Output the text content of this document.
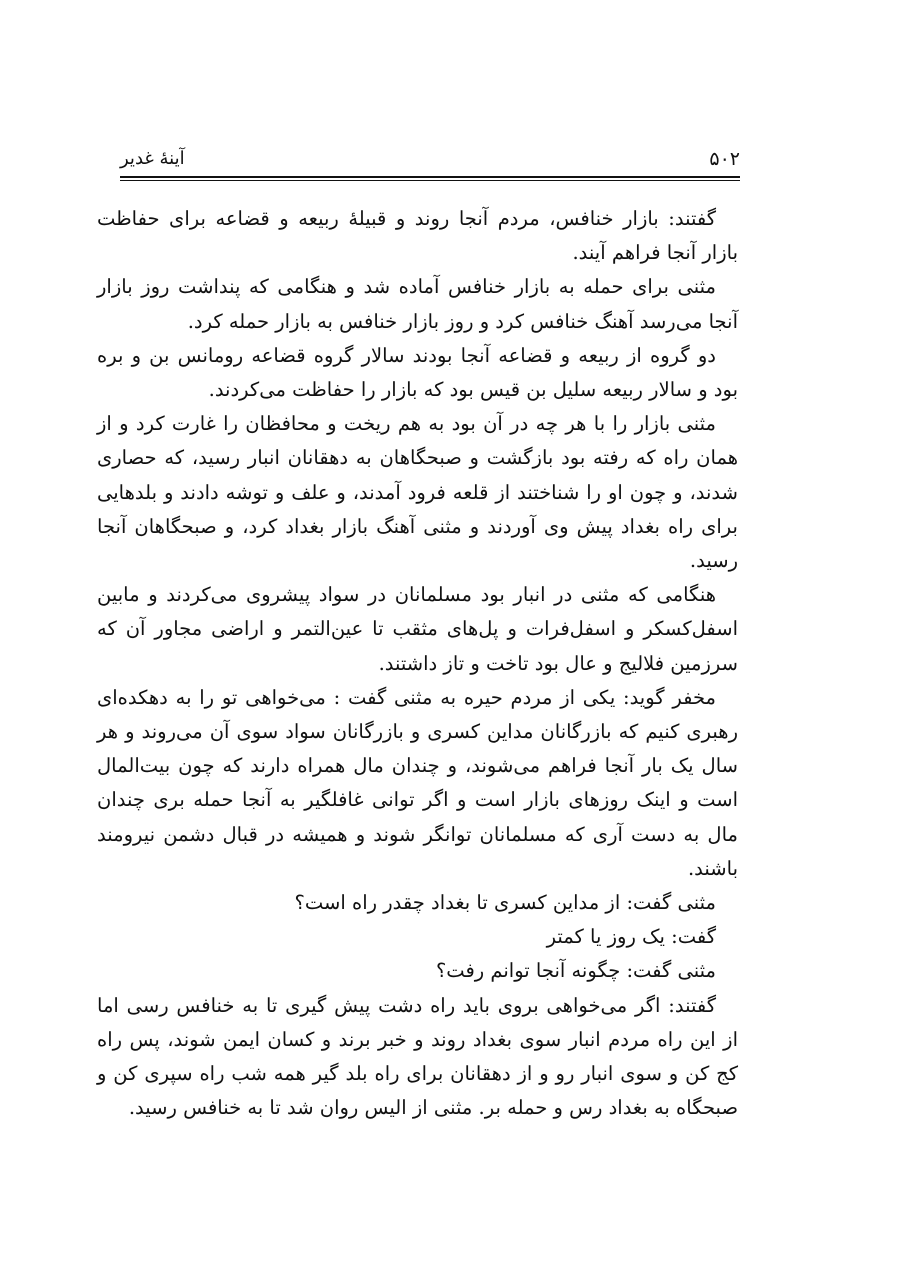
۵۰۲
آینۀ غدیر

گفتند: بازار خنافس، مردم آنجا روند و قبیلۀ ربیعه و قضاعه برای حفاظت بازار آنجا فراهم آیند.

مثنی برای حمله به بازار خنافس آماده شد و هنگامی که پنداشت روز بازار آنجا می‌رسد آهنگ خنافس کرد و روز بازار خنافس به بازار حمله کرد.

دو گروه از ربیعه و قضاعه آنجا بودند سالار گروه قضاعه رومانس بن و بره بود و سالار ربیعه سلیل بن قیس بود که بازار را حفاظت می‌کردند.

مثنی بازار را با هر چه در آن بود به هم ریخت و محافظان را غارت کرد و از همان راه که رفته بود بازگشت و صبحگاهان به دهقانان انبار رسید، که حصاری شدند، و چون او را شناختند از قلعه فرود آمدند، و علف و توشه دادند و بلدهایی برای راه بغداد پیش وی آوردند و مثنی آهنگ بازار بغداد کرد، و صبحگاهان آنجا رسید.

هنگامی که مثنی در انبار بود مسلمانان در سواد پیشروی می‌کردند و مابین اسفل‌کسکر و اسفل‌فرات و پل‌های مثقب تا عین‌التمر و اراضی مجاور آن که سرزمین فلالیج و عال بود تاخت و تاز داشتند.

مخفر گوید: یکی از مردم حیره به مثنی گفت : می‌خواهی تو را به دهکده‌ای رهبری کنیم که بازرگانان مداین کسری و بازرگانان سواد سوی آن می‌روند و هر سال یک بار آنجا فراهم می‌شوند، و چندان مال همراه دارند که چون بیت‌المال است و اینک روزهای بازار است و اگر توانی غافلگیر به آنجا حمله بری چندان مال به دست آری که مسلمانان توانگر شوند و همیشه در قبال دشمن نیرومند باشند.

مثنی گفت: از مداین کسری تا بغداد چقدر راه است؟

گفت: یک روز یا کمتر

مثنی گفت: چگونه آنجا توانم رفت؟

گفتند: اگر می‌خواهی بروی باید راه دشت پیش گیری تا به خنافس رسی اما از این راه مردم انبار سوی بغداد روند و خبر برند و کسان ایمن شوند، پس راه کج کن و سوی انبار رو و از دهقانان برای راه بلد گیر همه شب راه سپری کن و صبحگاه به بغداد رس و حمله بر. مثنی از الیس روان شد تا به خنافس رسید.
